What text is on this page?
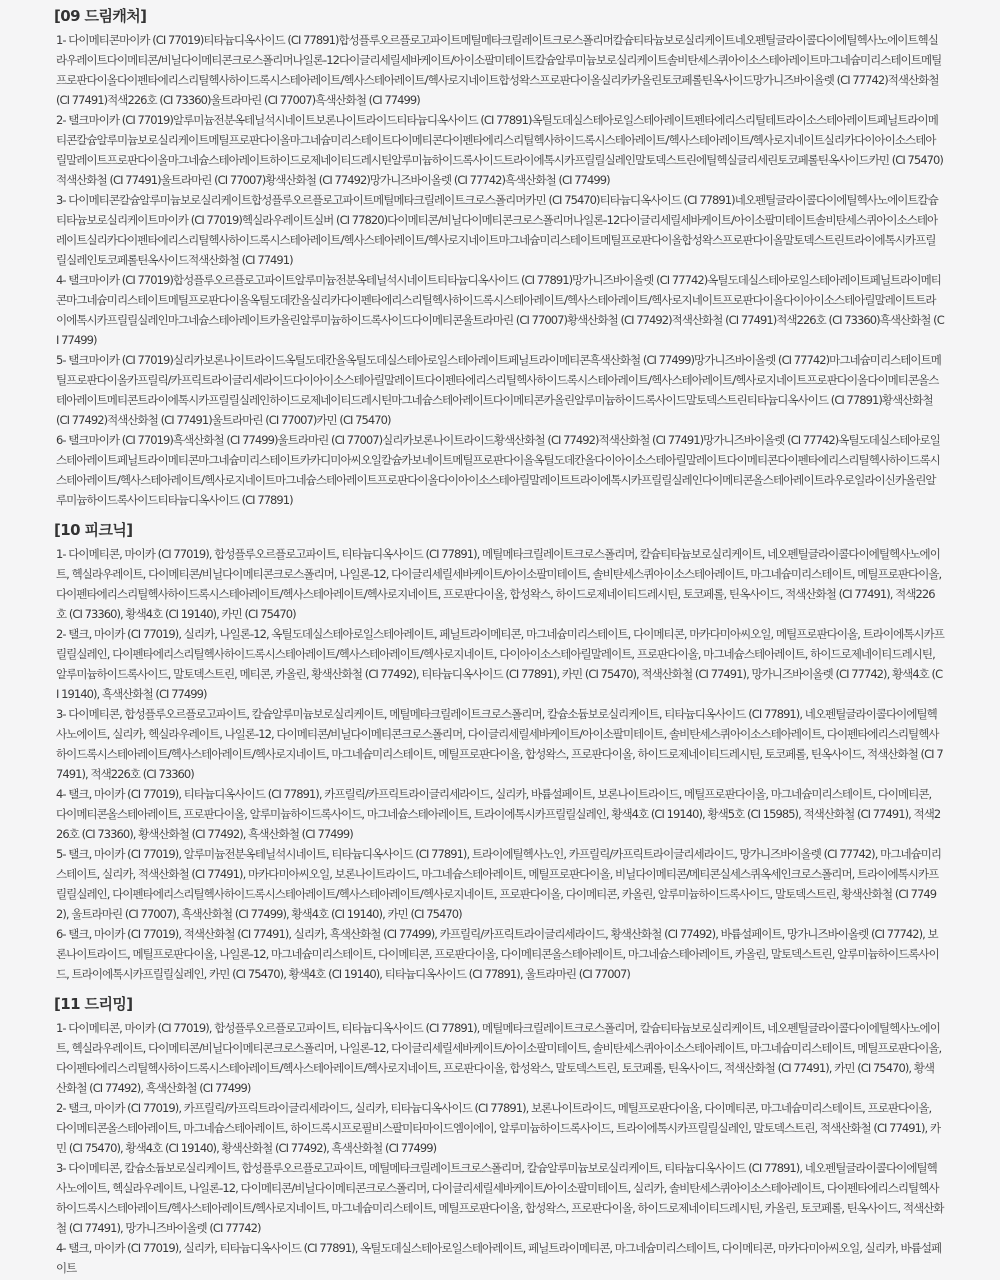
[09 드림캐처]

1- 다이메티콘마이카 (CI 77019)티타늄디옥사이드 (CI 77891)합성플루오르플로고파이트메틸메타크릴레이트크로스폴리머칼슘티타늄보로실리케이트네오펜틸글라이콜다이에틸헥사노에이트헥실라우레이트다이메티콘/비닐다이메티콘크로스폴리머나일론-12다이글리세릴세바케이트/아이소팔미테이트칼슘알루미늄보로실리케이트솔비탄세스퀴아이소스테아레이트마그네슘미리스테이트메틸프로판다이올다이펜타에리스리틸헥사하이드록시스테아레이트/헥사스테아레이트/헥사로지네이트합성왁스프로판다이올실리카카올린토코페롤틴옥사이드망가니즈바이올렛 (CI 77742)적색산화철 (CI 77491)적색226호 (CI 73360)울트라마린 (CI 77007)흑색산화철 (CI 77499)

2- 탤크마이카 (CI 77019)알루미늄전분옥테닐석시네이트보론나이트라이드티타늄디옥사이드 (CI 77891)옥틸도데실스테아로일스테아레이트펜타에리스리틸테트라이소스테아레이트페닐트라이메티콘칼슘알루미늄보로실리케이트메틸프로판다이올마그네슘미리스테이트다이메티콘다이펜타에리스리틸헥사하이드록시스테아레이트/헥사스테아레이트/헥사로지네이트실리카다이아이소스테아릴말레이트프로판다이올마그네슘스테아레이트하이드로제네이티드레시틴알루미늄하이드록사이드트라이에톡시카프릴릴실레인말토덱스트린에틸헥실글리세린토코페롤틴옥사이드카민 (CI 75470)적색산화철 (CI 77491)울트라마린 (CI 77007)황색산화철 (CI 77492)망가니즈바이올렛 (CI 77742)흑색산화철 (CI 77499)

3- 다이메티콘칼슘알루미늄보로실리케이트합성플루오르플로고파이트메틸메타크릴레이트크로스폴리머카민 (CI 75470)티타늄디옥사이드 (CI 77891)네오펜틸글라이콜다이에틸헥사노에이트칼슘티타늄보로실리케이트마이카 (CI 77019)헥실라우레이트실버 (CI 77820)다이메티콘/비닐다이메티콘크로스폴리머나일론-12다이글리세릴세바케이트/아이소팔미테이트솔비탄세스퀴아이소스테아레이트실리카다이펜타에리스리틸헥사하이드록시스테아레이트/헥사스테아레이트/헥사로지네이트마그네슘미리스테이트메틸프로판다이올합성왁스프로판다이올말토덱스트린트라이에톡시카프릴릴실레인토코페롤틴옥사이드적색산화철 (CI 77491)

4- 탤크마이카 (CI 77019)합성플루오르플로고파이트알루미늄전분옥테닐석시네이트티타늄디옥사이드 (CI 77891)망가니즈바이올렛 (CI 77742)옥틸도데실스테아로일스테아레이트페닐트라이메티콘마그네슘미리스테이트메틸프로판다이올옥틸도데칸올실리카다이펜타에리스리틸헥사하이드록시스테아레이트/헥사스테아레이트/헥사로지네이트프로판다이올다이아이소스테아릴말레이트트라이에톡시카프릴릴실레인마그네슘스테아레이트카올린알루미늄하이드록사이드다이메티콘울트라마린 (CI 77007)황색산화철 (CI 77492)적색산화철 (CI 77491)적색226호 (CI 73360)흑색산화철 (CI 77499)

5- 탤크마이카 (CI 77019)실리카보론나이트라이드옥틸도데칸올옥틸도데실스테아로일스테아레이트페닐트라이메티콘흑색산화철 (CI 77499)망가니즈바이올렛 (CI 77742)마그네슘미리스테이트메틸프로판다이올카프릴릭/카프릭트라이글리세라이드다이아이소스테아릴말레이트다이펜타에리스리틸헥사하이드록시스테아레이트/헥사스테아레이트/헥사로지네이트프로판다이올다이메티콘올스테아레이트메티콘트라이에톡시카프릴릴실레인하이드로제네이티드레시틴마그네슘스테아레이트다이메티콘카올린알루미늄하이드록사이드말토덱스트린티타늄디옥사이드 (CI 77891)황색산화철 (CI 77492)적색산화철 (CI 77491)울트라마린 (CI 77007)카민 (CI 75470)

6- 탤크마이카 (CI 77019)흑색산화철 (CI 77499)울트라마린 (CI 77007)실리카보론나이트라이드황색산화철 (CI 77492)적색산화철 (CI 77491)망가니즈바이올렛 (CI 77742)옥틸도데실스테아로일스테아레이트페닐트라이메티콘마그네슘미리스테이트카카디미아씨오일칼슘카보네이트메틸프로판다이올옥틸도데칸올다이아이소스테아릴말레이트다이메티콘다이펜타에리스리틸헥사하이드록시스테아레이트/헥사스테아레이트/헥사로지네이트마그네슘스테아레이트프로판다이올다이아이소스테아릴말레이트트라이에톡시카프릴릴실레인다이메티콘올스테아레이트라우로일라이신카올린알루미늄하이드록사이드티타늄디옥사이드 (CI 77891)

[10 피크닉]

1- 다이메티콘, 마이카 (CI 77019), 합성플루오르플로고파이트, 티타늄디옥사이드 (CI 77891), 메틸메타크릴레이트크로스폴리머, 칼슘티타늄보로실리케이트, 네오펜틸글라이콜다이에틸헥사노에이트, 헥실라우레이트, 다이메티콘/비닐다이메티콘크로스폴리머, 나일론-12, 다이글리세릴세바케이트/아이소팔미테이트, 솔비탄세스퀴아이소스테아레이트, 마그네슘미리스테이트, 메틸프로판다이올, 다이펜타에리스리틸헥사하이드록시스테아레이트/헥사스테아레이트/헥사로지네이트, 프로판다이올, 합성왁스, 하이드로제네이티드레시틴, 토코페롤, 틴옥사이드, 적색산화철 (CI 77491), 적색226호 (CI 73360), 황색4호 (CI 19140), 카민 (CI 75470)

2- 탤크, 마이카 (CI 77019), 실리카, 나일론-12, 옥틸도데실스테아로일스테아레이트, 페닐트라이메티콘, 마그네슘미리스테이트, 다이메티콘, 마카다미아씨오일, 메틸프로판다이올, 트라이에톡시카프릴릴실레인, 다이펜타에리스리틸헥사하이드록시스테아레이트/헥사스테아레이트/헥사로지네이트, 다이아이소스테아릴말레이트, 프로판다이올, 마그네슘스테아레이트, 하이드로제네이티드레시틴, 알루미늄하이드록사이드, 말토덱스트린, 메티콘, 카올린, 황색산화철 (CI 77492), 티타늄디옥사이드 (CI 77891), 카민 (CI 75470), 적색산화철 (CI 77491), 망가니즈바이올렛 (CI 77742), 황색4호 (CI 19140), 흑색산화철 (CI 77499)

3- 다이메티콘, 합성플루오르플로고파이트, 칼슘알루미늄보로실리케이트, 메틸메타크릴레이트크로스폴리머, 칼슘소듐보로실리케이트, 티타늄디옥사이드 (CI 77891), 네오펜틸글라이콜다이에틸헥사노에이트, 실리카, 헥실라우레이트, 나일론-12, 다이메티콘/비닐다이메티콘크로스폴리머, 다이글리세릴세바케이트/아이소팔미테이트, 솔비탄세스퀴아이소스테아레이트, 다이펜타에리스리틸헥사하이드록시스테아레이트/헥사스테아레이트/헥사로지네이트, 마그네슘미리스테이트, 메틸프로판다이올, 합성왁스, 프로판다이올, 하이드로제네이티드레시틴, 토코페롤, 틴옥사이드, 적색산화철 (CI 77491), 적색226호 (CI 73360)

4- 탤크, 마이카 (CI 77019), 티타늄디옥사이드 (CI 77891), 카프릴릭/카프릭트라이글리세라이드, 실리카, 바륨설페이트, 보론나이트라이드, 메틸프로판다이올, 마그네슘미리스테이트, 다이메티콘, 다이메티콘올스테아레이트, 프로판다이올, 알루미늄하이드록사이드, 마그네슘스테아레이트, 트라이에톡시카프릴릴실레인, 황색4호 (CI 19140), 황색5호 (CI 15985), 적색산화철 (CI 77491), 적색226호 (CI 73360), 황색산화철 (CI 77492), 흑색산화철 (CI 77499)

5- 탤크, 마이카 (CI 77019), 알루미늄전분옥테닐석시네이트, 티타늄디옥사이드 (CI 77891), 트라이에틸헥사노인, 카프릴릭/카프릭트라이글리세라이드, 망가니즈바이올렛 (CI 77742), 마그네슘미리스테이트, 실리카, 적색산화철 (CI 77491), 마카다미아씨오일, 보론나이트라이드, 마그네슘스테아레이트, 메틸프로판다이올, 비닐다이메티콘/메티콘실세스퀴옥세인크로스폴리머, 트라이에톡시카프릴릴실레인, 다이펜타에리스리틸헥사하이드록시스테아레이트/헥사스테아레이트/헥사로지네이트, 프로판다이올, 다이메티콘, 카올린, 알루미늄하이드록사이드, 말토덱스트린, 황색산화철 (CI 77492), 울트라마린 (CI 77007), 흑색산화철 (CI 77499), 황색4호 (CI 19140), 카민 (CI 75470)

6- 탤크, 마이카 (CI 77019), 적색산화철 (CI 77491), 실리카, 흑색산화철 (CI 77499), 카프릴릭/카프릭트라이글리세라이드, 황색산화철 (CI 77492), 바륨설페이트, 망가니즈바이올렛 (CI 77742), 보론나이트라이드, 메틸프로판다이올, 나일론-12, 마그네슘미리스테이트, 다이메티콘, 프로판다이올, 다이메티콘올스테아레이트, 마그네슘스테아레이트, 카올린, 말토덱스트린, 알루미늄하이드록사이드, 트라이에톡시카프릴릴실레인, 카민 (CI 75470), 황색4호 (CI 19140), 티타늄디옥사이드 (CI 77891), 울트라마린 (CI 77007)

[11 드리밍]

1- 다이메티콘, 마이카 (CI 77019), 합성플루오르플로고파이트, 티타늄디옥사이드 (CI 77891), 메틸메타크릴레이트크로스폴리머, 칼슘티타늄보로실리케이트, 네오펜틸글라이콜다이에틸헥사노에이트, 헥실라우레이트, 다이메티콘/비닐다이메티콘크로스폴리머, 나일론-12, 다이글리세릴세바케이트/아이소팔미테이트, 솔비탄세스퀴아이소스테아레이트, 마그네슘미리스테이트, 메틸프로판다이올, 다이펜타에리스리틸헥사하이드록시스테아레이트/헥사스테아레이트/헥사로지네이트, 프로판다이올, 합성왁스, 말토덱스트린, 토코페롤, 틴옥사이드, 적색산화철 (CI 77491), 카민 (CI 75470), 황색산화철 (CI 77492), 흑색산화철 (CI 77499)

2- 탤크, 마이카 (CI 77019), 카프릴릭/카프릭트라이글리세라이드, 실리카, 티타늄디옥사이드 (CI 77891), 보론나이트라이드, 메틸프로판다이올, 다이메티콘, 마그네슘미리스테이트, 프로판다이올, 다이메티콘올스테아레이트, 마그네슘스테아레이트, 하이드록시프로필비스팔미타마이드엠이에이, 알루미늄하이드록사이드, 트라이에톡시카프릴릴실레인, 말토덱스트린, 적색산화철 (CI 77491), 카민 (CI 75470), 황색4호 (CI 19140), 황색산화철 (CI 77492), 흑색산화철 (CI 77499)

3- 다이메티콘, 칼슘소듐보로실리케이트, 합성플루오르플로고파이트, 메틸메타크릴레이트크로스폴리머, 칼슘알루미늄보로실리케이트, 티타늄디옥사이드 (CI 77891), 네오펜틸글라이콜다이에틸헥사노에이트, 헥실라우레이트, 나일론-12, 다이메티콘/비닐다이메티콘크로스폴리머, 다이글리세릴세바케이트/아이소팔미테이트, 실리카, 솔비탄세스퀴아이소스테아레이트, 다이펜타에리스리틸헥사하이드록시스테아레이트/헥사스테아레이트/헥사로지네이트, 마그네슘미리스테이트, 메틸프로판다이올, 합성왁스, 프로판다이올, 하이드로제네이티드레시틴, 카올린, 토코페롤, 틴옥사이드, 적색산화철 (CI 77491), 망가니즈바이올렛 (CI 77742)

4- 탤크, 마이카 (CI 77019), 실리카, 티타늄디옥사이드 (CI 77891), 옥틸도데실스테아로일스테아레이트, 페닐트라이메티콘, 마그네슘미리스테이트, 다이메티콘, 마카다미아씨오일, 실리카, 바륨설페이트
